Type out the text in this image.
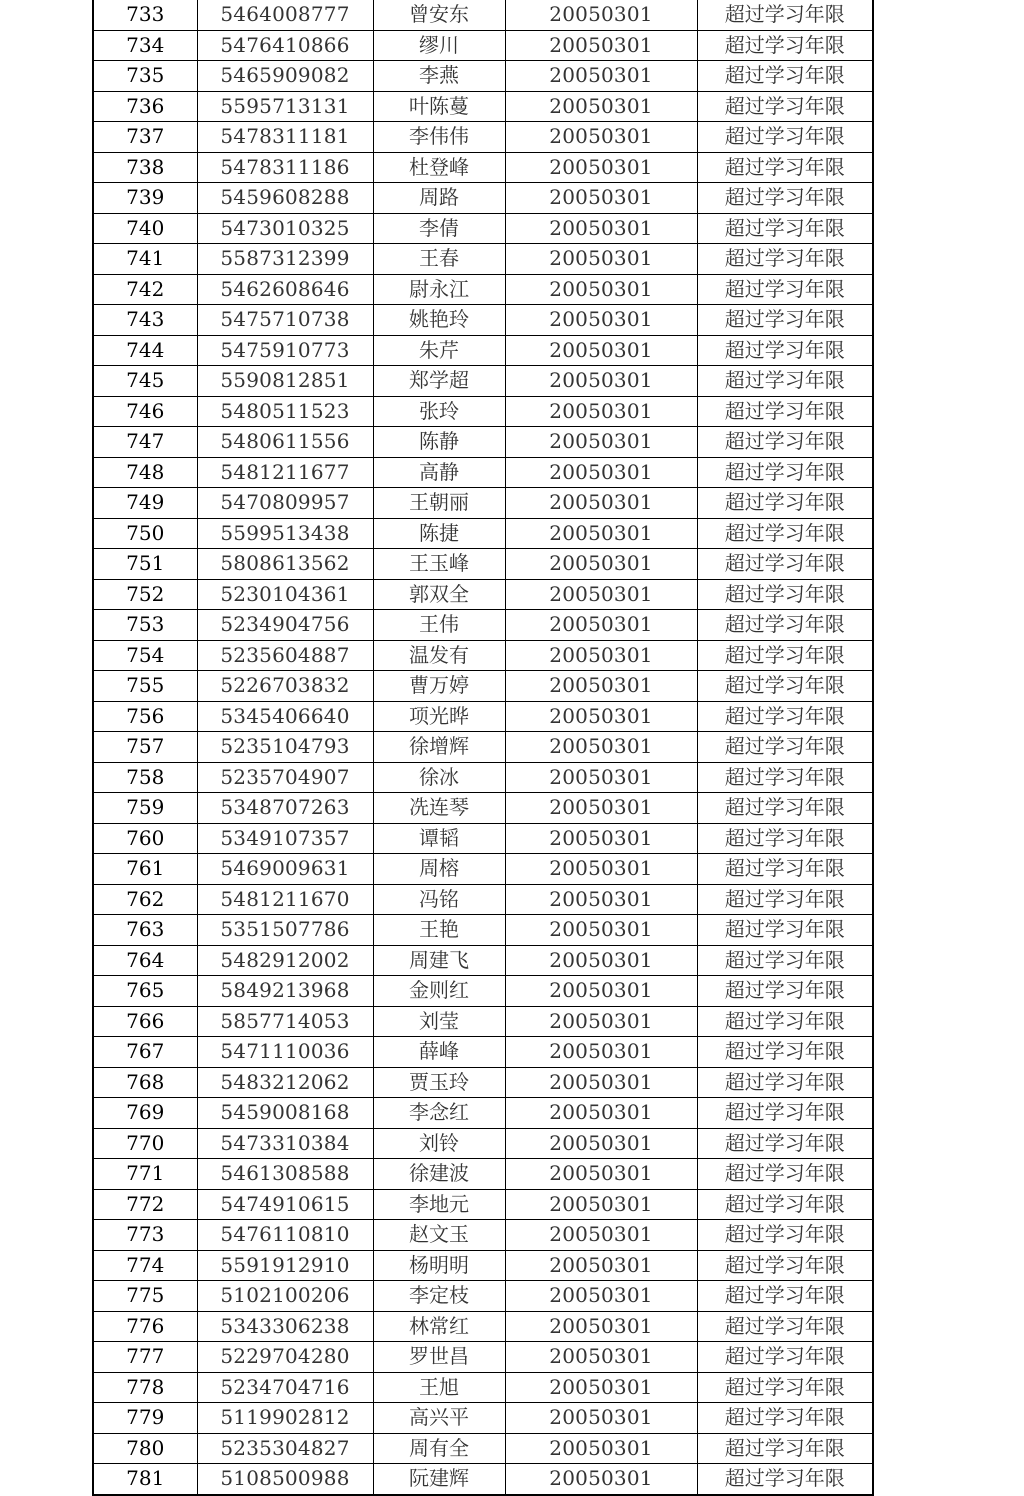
733	5464008777	曾安东	20050301	超过学习年限
734	5476410866	缪川	20050301	超过学习年限
735	5465909082	李燕	20050301	超过学习年限
736	5595713131	叶陈蔓	20050301	超过学习年限
737	5478311181	李伟伟	20050301	超过学习年限
738	5478311186	杜登峰	20050301	超过学习年限
739	5459608288	周路	20050301	超过学习年限
740	5473010325	李倩	20050301	超过学习年限
741	5587312399	王春	20050301	超过学习年限
742	5462608646	尉永江	20050301	超过学习年限
743	5475710738	姚艳玲	20050301	超过学习年限
744	5475910773	朱芹	20050301	超过学习年限
745	5590812851	郑学超	20050301	超过学习年限
746	5480511523	张玲	20050301	超过学习年限
747	5480611556	陈静	20050301	超过学习年限
748	5481211677	高静	20050301	超过学习年限
749	5470809957	王朝丽	20050301	超过学习年限
750	5599513438	陈捷	20050301	超过学习年限
751	5808613562	王玉峰	20050301	超过学习年限
752	5230104361	郭双全	20050301	超过学习年限
753	5234904756	王伟	20050301	超过学习年限
754	5235604887	温发有	20050301	超过学习年限
755	5226703832	曹万婷	20050301	超过学习年限
756	5345406640	项光晔	20050301	超过学习年限
757	5235104793	徐增辉	20050301	超过学习年限
758	5235704907	徐冰	20050301	超过学习年限
759	5348707263	冼连琴	20050301	超过学习年限
760	5349107357	谭韬	20050301	超过学习年限
761	5469009631	周榕	20050301	超过学习年限
762	5481211670	冯铭	20050301	超过学习年限
763	5351507786	王艳	20050301	超过学习年限
764	5482912002	周建飞	20050301	超过学习年限
765	5849213968	金则红	20050301	超过学习年限
766	5857714053	刘莹	20050301	超过学习年限
767	5471110036	薛峰	20050301	超过学习年限
768	5483212062	贾玉玲	20050301	超过学习年限
769	5459008168	李念红	20050301	超过学习年限
770	5473310384	刘铃	20050301	超过学习年限
771	5461308588	徐建波	20050301	超过学习年限
772	5474910615	李地元	20050301	超过学习年限
773	5476110810	赵文玉	20050301	超过学习年限
774	5591912910	杨明明	20050301	超过学习年限
775	5102100206	李定枝	20050301	超过学习年限
776	5343306238	林常红	20050301	超过学习年限
777	5229704280	罗世昌	20050301	超过学习年限
778	5234704716	王旭	20050301	超过学习年限
779	5119902812	高兴平	20050301	超过学习年限
780	5235304827	周有全	20050301	超过学习年限
781	5108500988	阮建辉	20050301	超过学习年限
